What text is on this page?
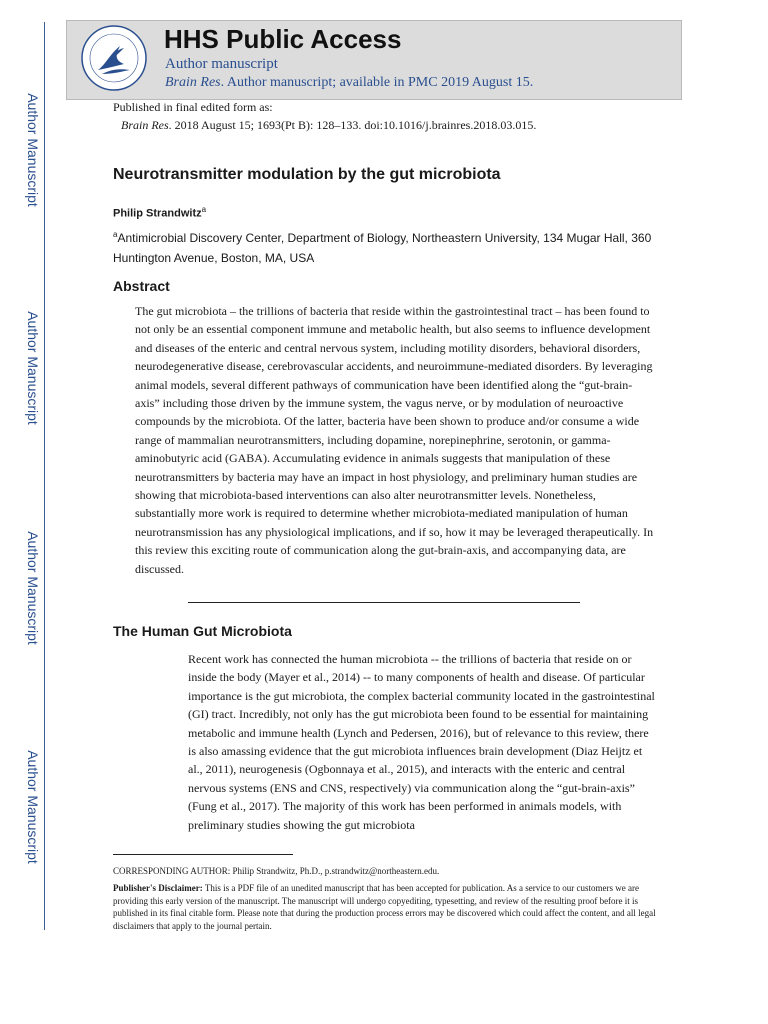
Author Manuscript
Author Manuscript
Author Manuscript
Author Manuscript
HHS Public Access
Author manuscript
Brain Res. Author manuscript; available in PMC 2019 August 15.
Published in final edited form as:
Brain Res. 2018 August 15; 1693(Pt B): 128–133. doi:10.1016/j.brainres.2018.03.015.
Neurotransmitter modulation by the gut microbiota
Philip Strandwitz$^a$
$^a$Antimicrobial Discovery Center, Department of Biology, Northeastern University, 134 Mugar Hall, 360 Huntington Avenue, Boston, MA, USA
Abstract

The gut microbiota – the trillions of bacteria that reside within the gastrointestinal tract – has been found to not only be an essential component immune and metabolic health, but also seems to influence development and diseases of the enteric and central nervous system, including motility disorders, behavioral disorders, neurodegenerative disease, cerebrovascular accidents, and neuroimmune-mediated disorders. By leveraging animal models, several different pathways of communication have been identified along the “gut-brain-axis” including those driven by the immune system, the vagus nerve, or by modulation of neuroactive compounds by the microbiota. Of the latter, bacteria have been shown to produce and/or consume a wide range of mammalian neurotransmitters, including dopamine, norepinephrine, serotonin, or gamma-aminobutyric acid (GABA). Accumulating evidence in animals suggests that manipulation of these neurotransmitters by bacteria may have an impact in host physiology, and preliminary human studies are showing that microbiota-based interventions can also alter neurotransmitter levels. Nonetheless, substantially more work is required to determine whether microbiota-mediated manipulation of human neurotransmission has any physiological implications, and if so, how it may be leveraged therapeutically. In this review this exciting route of communication along the gut-brain-axis, and accompanying data, are discussed.

The Human Gut Microbiota

Recent work has connected the human microbiota -- the trillions of bacteria that reside on or inside the body (Mayer et al., 2014) -- to many components of health and disease. Of particular importance is the gut microbiota, the complex bacterial community located in the gastrointestinal (GI) tract. Incredibly, not only has the gut microbiota been found to be essential for maintaining metabolic and immune health (Lynch and Pedersen, 2016), but of relevance to this review, there is also amassing evidence that the gut microbiota influences brain development (Diaz Heijtz et al., 2011), neurogenesis (Ogbonnaya et al., 2015), and interacts with the enteric and central nervous systems (ENS and CNS, respectively) via communication along the “gut-brain-axis” (Fung et al., 2017). The majority of this work has been performed in animals models, with preliminary studies showing the gut microbiota

CORRESPONDING AUTHOR: Philip Strandwitz, Ph.D., p.strandwitz@northeastern.edu.
Publisher's Disclaimer: This is a PDF file of an unedited manuscript that has been accepted for publication. As a service to our customers we are providing this early version of the manuscript. The manuscript will undergo copyediting, typesetting, and review of the resulting proof before it is published in its final citable form. Please note that during the production process errors may be discovered which could affect the content, and all legal disclaimers that apply to the journal pertain.
